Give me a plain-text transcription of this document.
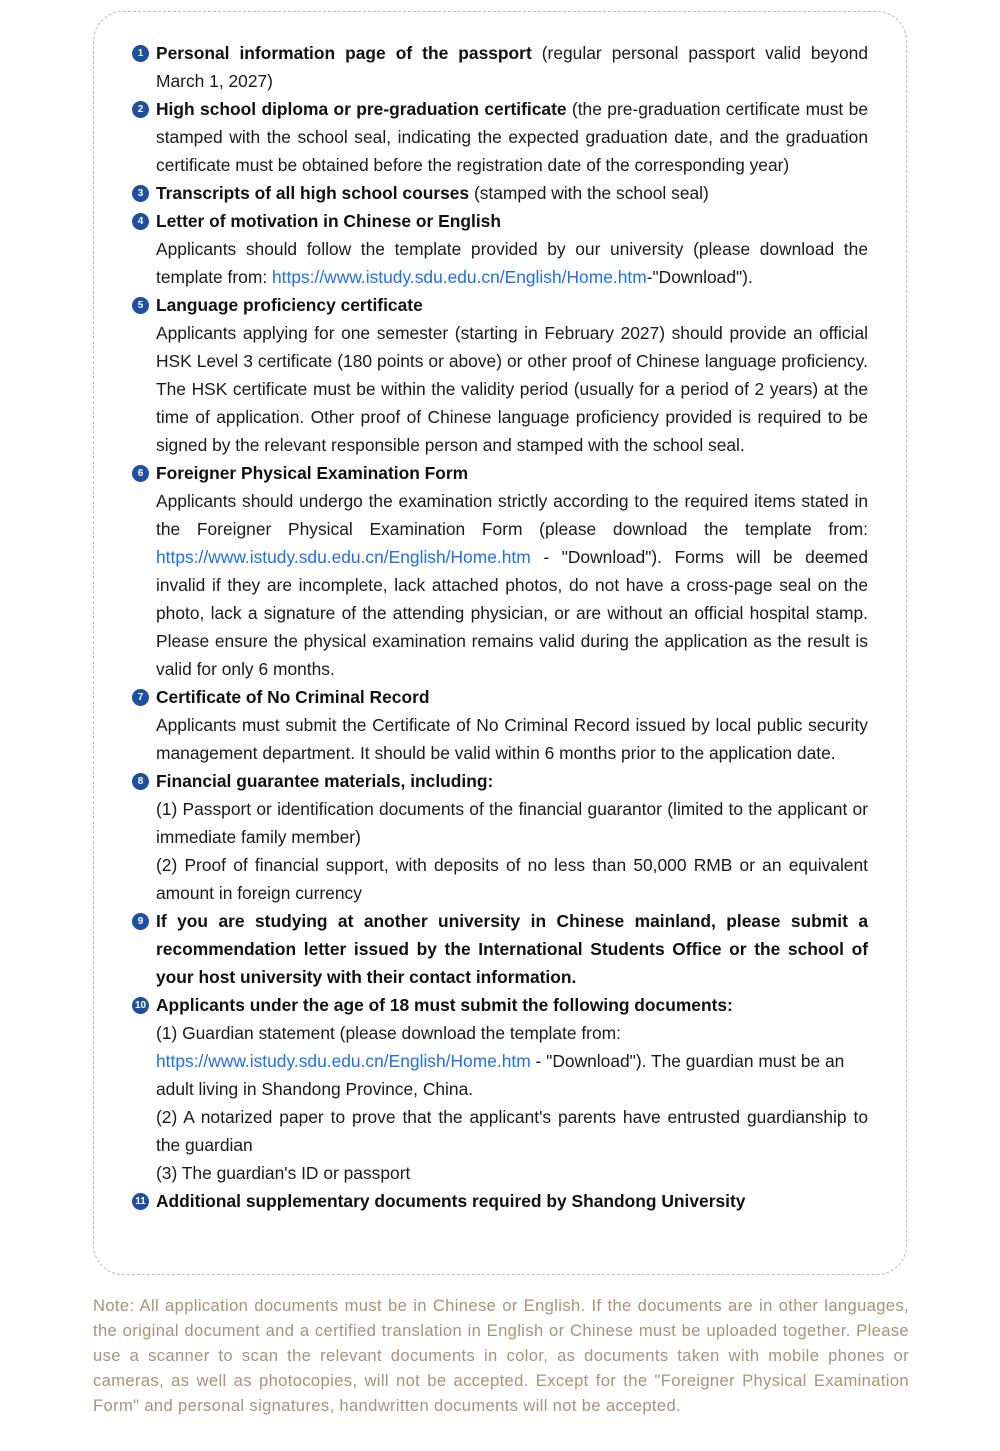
1 Personal information page of the passport (regular personal passport valid beyond March 1, 2027)
2 High school diploma or pre-graduation certificate (the pre-graduation certificate must be stamped with the school seal, indicating the expected graduation date, and the graduation certificate must be obtained before the registration date of the corresponding year)
3 Transcripts of all high school courses (stamped with the school seal)
4 Letter of motivation in Chinese or English
Applicants should follow the template provided by our university (please download the template from: https://www.istudy.sdu.edu.cn/English/Home.htm-"Download").
5 Language proficiency certificate
Applicants applying for one semester (starting in February 2027) should provide an official HSK Level 3 certificate (180 points or above) or other proof of Chinese language proficiency. The HSK certificate must be within the validity period (usually for a period of 2 years) at the time of application. Other proof of Chinese language proficiency provided is required to be signed by the relevant responsible person and stamped with the school seal.
6 Foreigner Physical Examination Form
Applicants should undergo the examination strictly according to the required items stated in the Foreigner Physical Examination Form (please download the template from: https://www.istudy.sdu.edu.cn/English/Home.htm - "Download"). Forms will be deemed invalid if they are incomplete, lack attached photos, do not have a cross-page seal on the photo, lack a signature of the attending physician, or are without an official hospital stamp. Please ensure the physical examination remains valid during the application as the result is valid for only 6 months.
7 Certificate of No Criminal Record
Applicants must submit the Certificate of No Criminal Record issued by local public security management department. It should be valid within 6 months prior to the application date.
8 Financial guarantee materials, including:
(1) Passport or identification documents of the financial guarantor (limited to the applicant or immediate family member)
(2) Proof of financial support, with deposits of no less than 50,000 RMB or an equivalent amount in foreign currency
9 If you are studying at another university in Chinese mainland, please submit a recommendation letter issued by the International Students Office or the school of your host university with their contact information.
10 Applicants under the age of 18 must submit the following documents:
(1) Guardian statement (please download the template from:
https://www.istudy.sdu.edu.cn/English/Home.htm - "Download"). The guardian must be an adult living in Shandong Province, China.
(2) A notarized paper to prove that the applicant's parents have entrusted guardianship to the guardian
(3) The guardian's ID or passport
11 Additional supplementary documents required by Shandong University

Note: All application documents must be in Chinese or English. If the documents are in other languages, the original document and a certified translation in English or Chinese must be uploaded together. Please use a scanner to scan the relevant documents in color, as documents taken with mobile phones or cameras, as well as photocopies, will not be accepted. Except for the "Foreigner Physical Examination Form" and personal signatures, handwritten documents will not be accepted.
